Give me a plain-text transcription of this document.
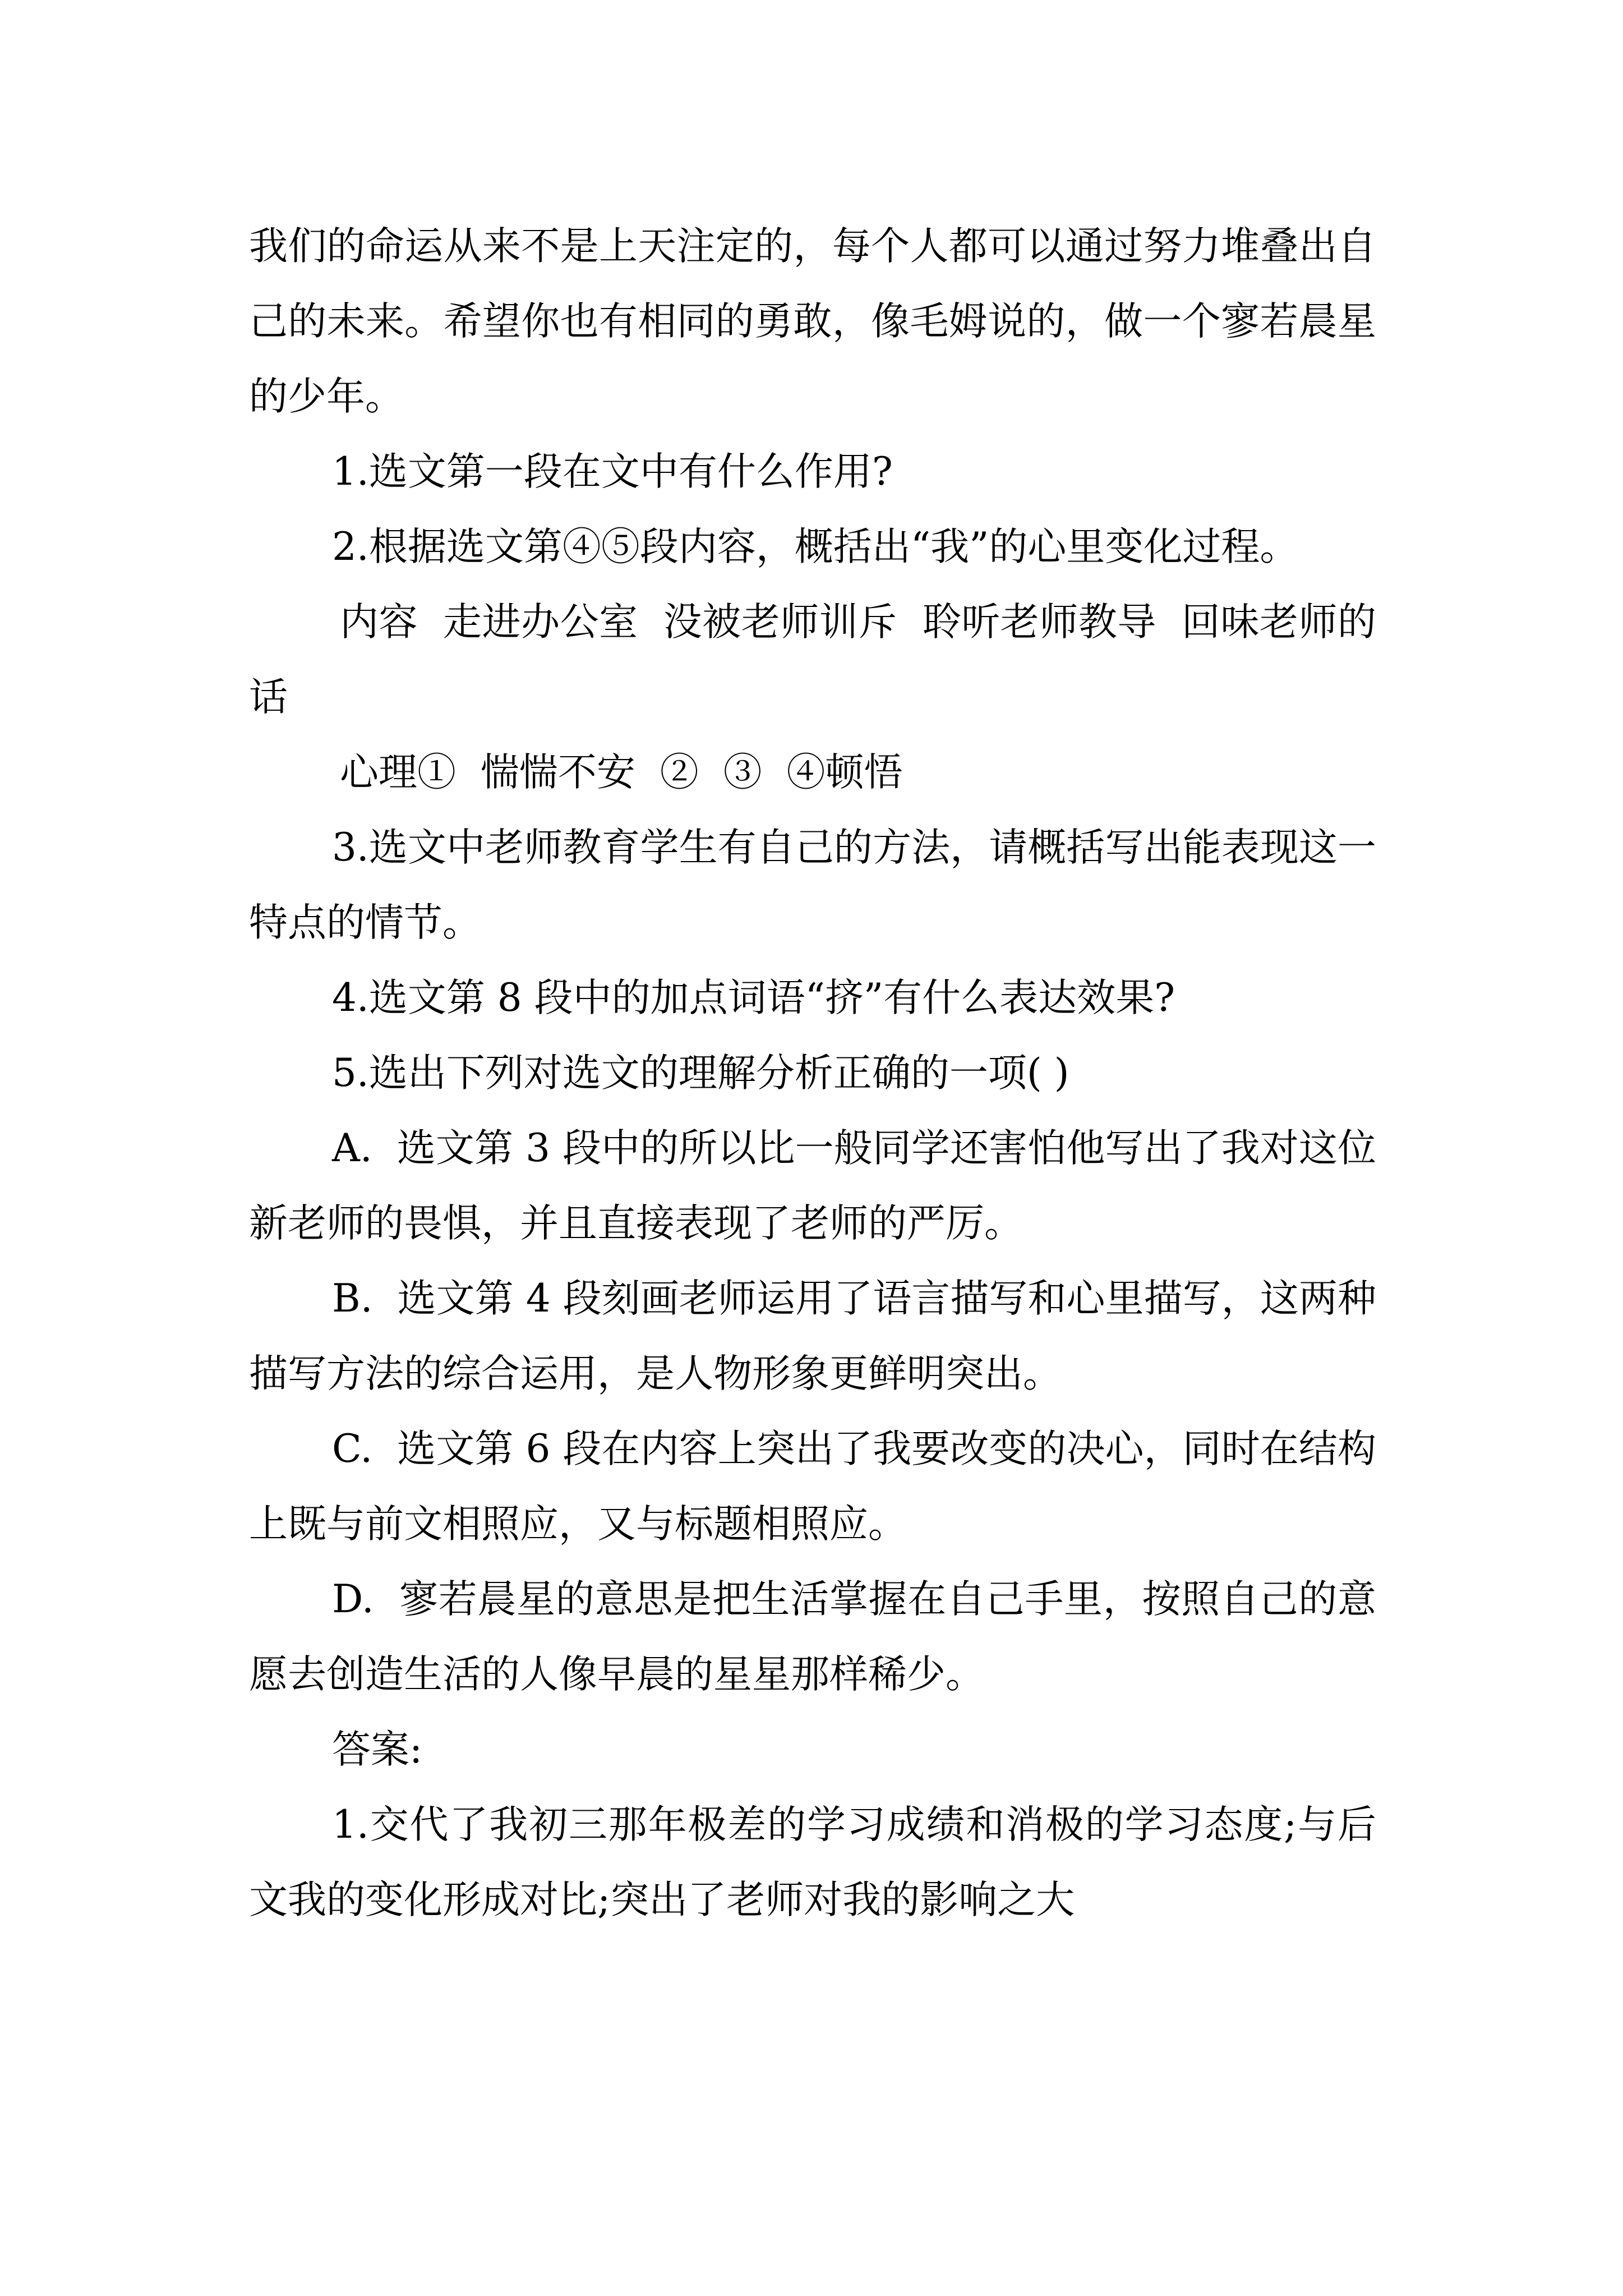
我们的命运从来不是上天注定的，每个人都可以通过努力堆叠出自己的未来。希望你也有相同的勇敢，像毛姆说的，做一个寥若晨星的少年。

1.选文第一段在文中有什么作用?

2.根据选文第④⑤段内容，概括出“我”的心里变化过程。

内容  走进办公室  没被老师训斥  聆听老师教导  回味老师的话

心理①  惴惴不安  ②  ③  ④顿悟

3.选文中老师教育学生有自己的方法，请概括写出能表现这一特点的情节。

4.选文第 8 段中的加点词语“挤”有什么表达效果?

5.选出下列对选文的理解分析正确的一项( )

A.  选文第 3 段中的所以比一般同学还害怕他写出了我对这位新老师的畏惧，并且直接表现了老师的严厉。

B.  选文第 4 段刻画老师运用了语言描写和心里描写，这两种描写方法的综合运用，是人物形象更鲜明突出。

C.  选文第 6 段在内容上突出了我要改变的决心，同时在结构上既与前文相照应，又与标题相照应。

D.  寥若晨星的意思是把生活掌握在自己手里，按照自己的意愿去创造生活的人像早晨的星星那样稀少。

答案:

1.交代了我初三那年极差的学习成绩和消极的学习态度;与后文我的变化形成对比;突出了老师对我的影响之大
